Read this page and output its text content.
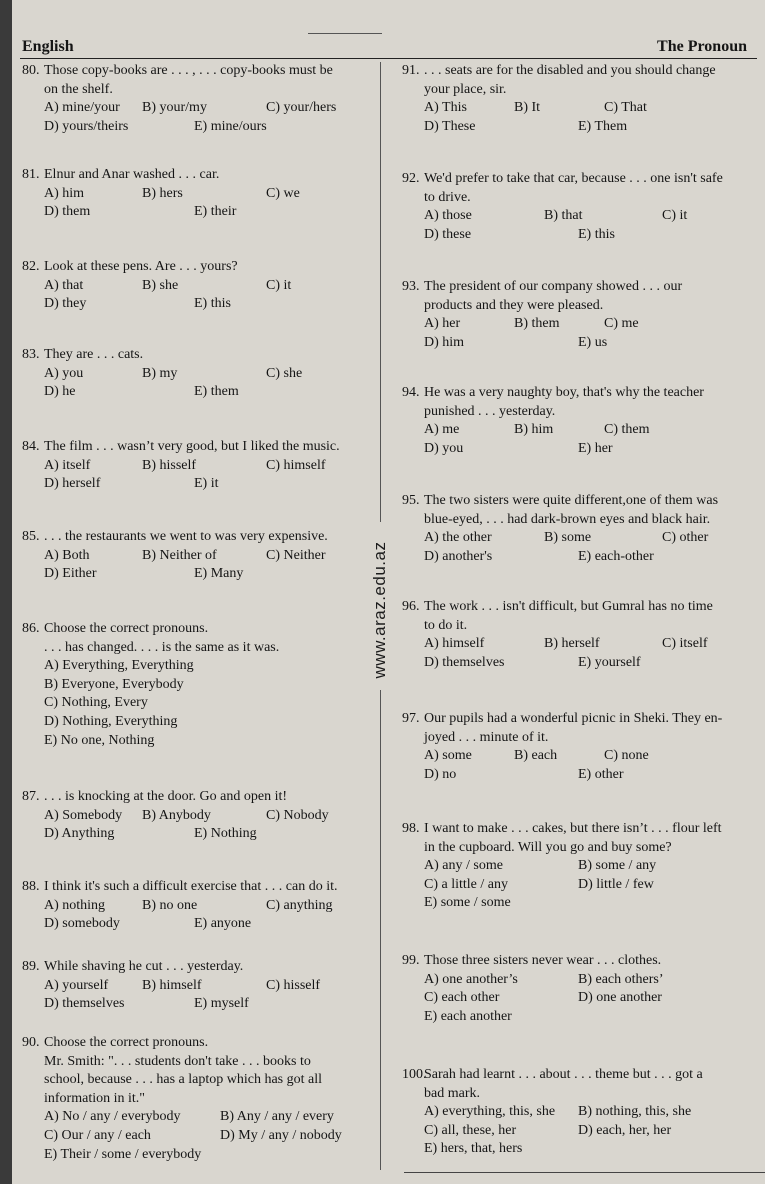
English	The Pronoun
www.araz.edu.az
80. Those copy-books are . . . , . . . copy-books must be
on the shelf.
A) mine/your B) your/my	C) your/hers
D) yours/theirs	E) mine/ours
81. Elnur and Anar washed . . . car.
A) him	B) hers	C) we
D) them	E) their
82. Look at these pens. Are . . . yours?
A) that	B) she	C) it
D) they	E) this
83. They are . . . cats.
A) you	B) my	C) she
D) he	E) them
84. The film . . . wasn’t very good, but I liked the music.
A) itself	B) hisself	C) himself
D) herself	E) it
85. . . . the restaurants we went to was very expensive.
A) Both	B) Neither of	C) Neither
D) Either	E) Many
86. Choose the correct pronouns.
. . . has changed. . . . is the same as it was.
A) Everything, Everything
B) Everyone, Everybody
C) Nothing, Every
D) Nothing, Everything
E) No one, Nothing
87. . . . is knocking at the door. Go and open it!
A) Somebody B) Anybody	C) Nobody
D) Anything	E) Nothing
88. I think it's such a difficult exercise that . . . can do it.
A) nothing	B) no one	C) anything
D) somebody	E) anyone
89. While shaving he cut . . . yesterday.
A) yourself B) himself	C) hisself
D) themselves	E) myself
90. Choose the correct pronouns.
Mr. Smith: ". . . students don't take . . . books to
school, because . . . has a laptop which has got all
information in it."
A) No / any / everybody	B) Any / any / every
C) Our / any / each	D) My / any / nobody
E) Their / some / everybody
91. . . . seats are for the disabled and you should change
your place, sir.
A) This	B) It	C) That
D) These	E) Them
92. We'd prefer to take that car, because . . . one isn't safe
to drive.
A) those	B) that	C) it
D) these	E) this
93. The president of our company showed . . . our
products and they were pleased.
A) her	B) them	C) me
D) him	E) us
94. He was a very naughty boy, that's why the teacher
punished . . . yesterday.
A) me	B) him	C) them
D) you	E) her
95. The two sisters were quite different,one of them was
blue-eyed, . . . had dark-brown eyes and black hair.
A) the other	B) some	C) other
D) another's	E) each-other
96. The work . . . isn't difficult, but Gumral has no time
to do it.
A) himself	B) herself	C) itself
D) themselves	E) yourself
97. Our pupils had a wonderful picnic in Sheki. They en-
joyed . . . minute of it.
A) some	B) each	C) none
D) no	E) other
98. I want to make . . . cakes, but there isn’t . . . flour left
in the cupboard. Will you go and buy some?
A) any / some	B) some / any
C) a little / any	D) little / few
E) some / some
99. Those three sisters never wear . . . clothes.
A) one another’s	B) each others’
C) each other	D) one another
E) each another
100.Sarah had learnt . . . about . . . theme but . . . got a
bad mark.
A) everything, this, she B) nothing, this, she
C) all, these, her	D) each, her, her
E) hers, that, hers
